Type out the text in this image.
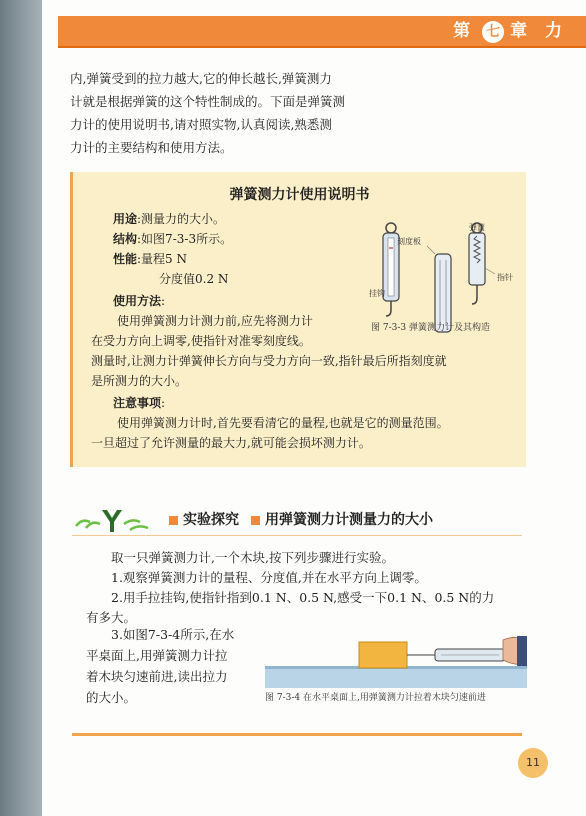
第 七 章 力
内,弹簧受到的拉力越大,它的伸长越长,弹簧测力
计就是根据弹簧的这个特性制成的。下面是弹簧测
力计的使用说明书,请对照实物,认真阅读,熟悉测
力计的主要结构和使用方法。
弹簧测力计使用说明书
用途:测量力的大小。
结构:如图7-3-3所示。
性能:量程5 N
分度值0.2 N
使用方法:
使用弹簧测力计测力前,应先将测力计
在受力方向上调零,使指针对准零刻度线。
测量时,让测力计弹簧伸长方向与受力方向一致,指针最后所指刻度就
是所测力的大小。
注意事项:
使用弹簧测力计时,首先要看清它的量程,也就是它的测量范围。
一旦超过了允许测量的最大力,就可能会损坏测力计。
刻度板
弹簧
指针
挂钩
图 7-3-3 弹簧测力计及其构造
实验探究 用弹簧测力计测量力的大小

取一只弹簧测力计,一个木块,按下列步骤进行实验。

1.观察弹簧测力计的量程、分度值,并在水平方向上调零。

2.用手拉挂钩,使指针指到0.1 N、0.5 N,感受一下0.1 N、0.5 N的力

有多大。

3.如图7-3-4所示,在水
平桌面上,用弹簧测力计拉
着木块匀速前进,读出拉力
的大小。	图 7-3-4 在水平桌面上,用弹簧测力计拉着木块匀速前进
11
